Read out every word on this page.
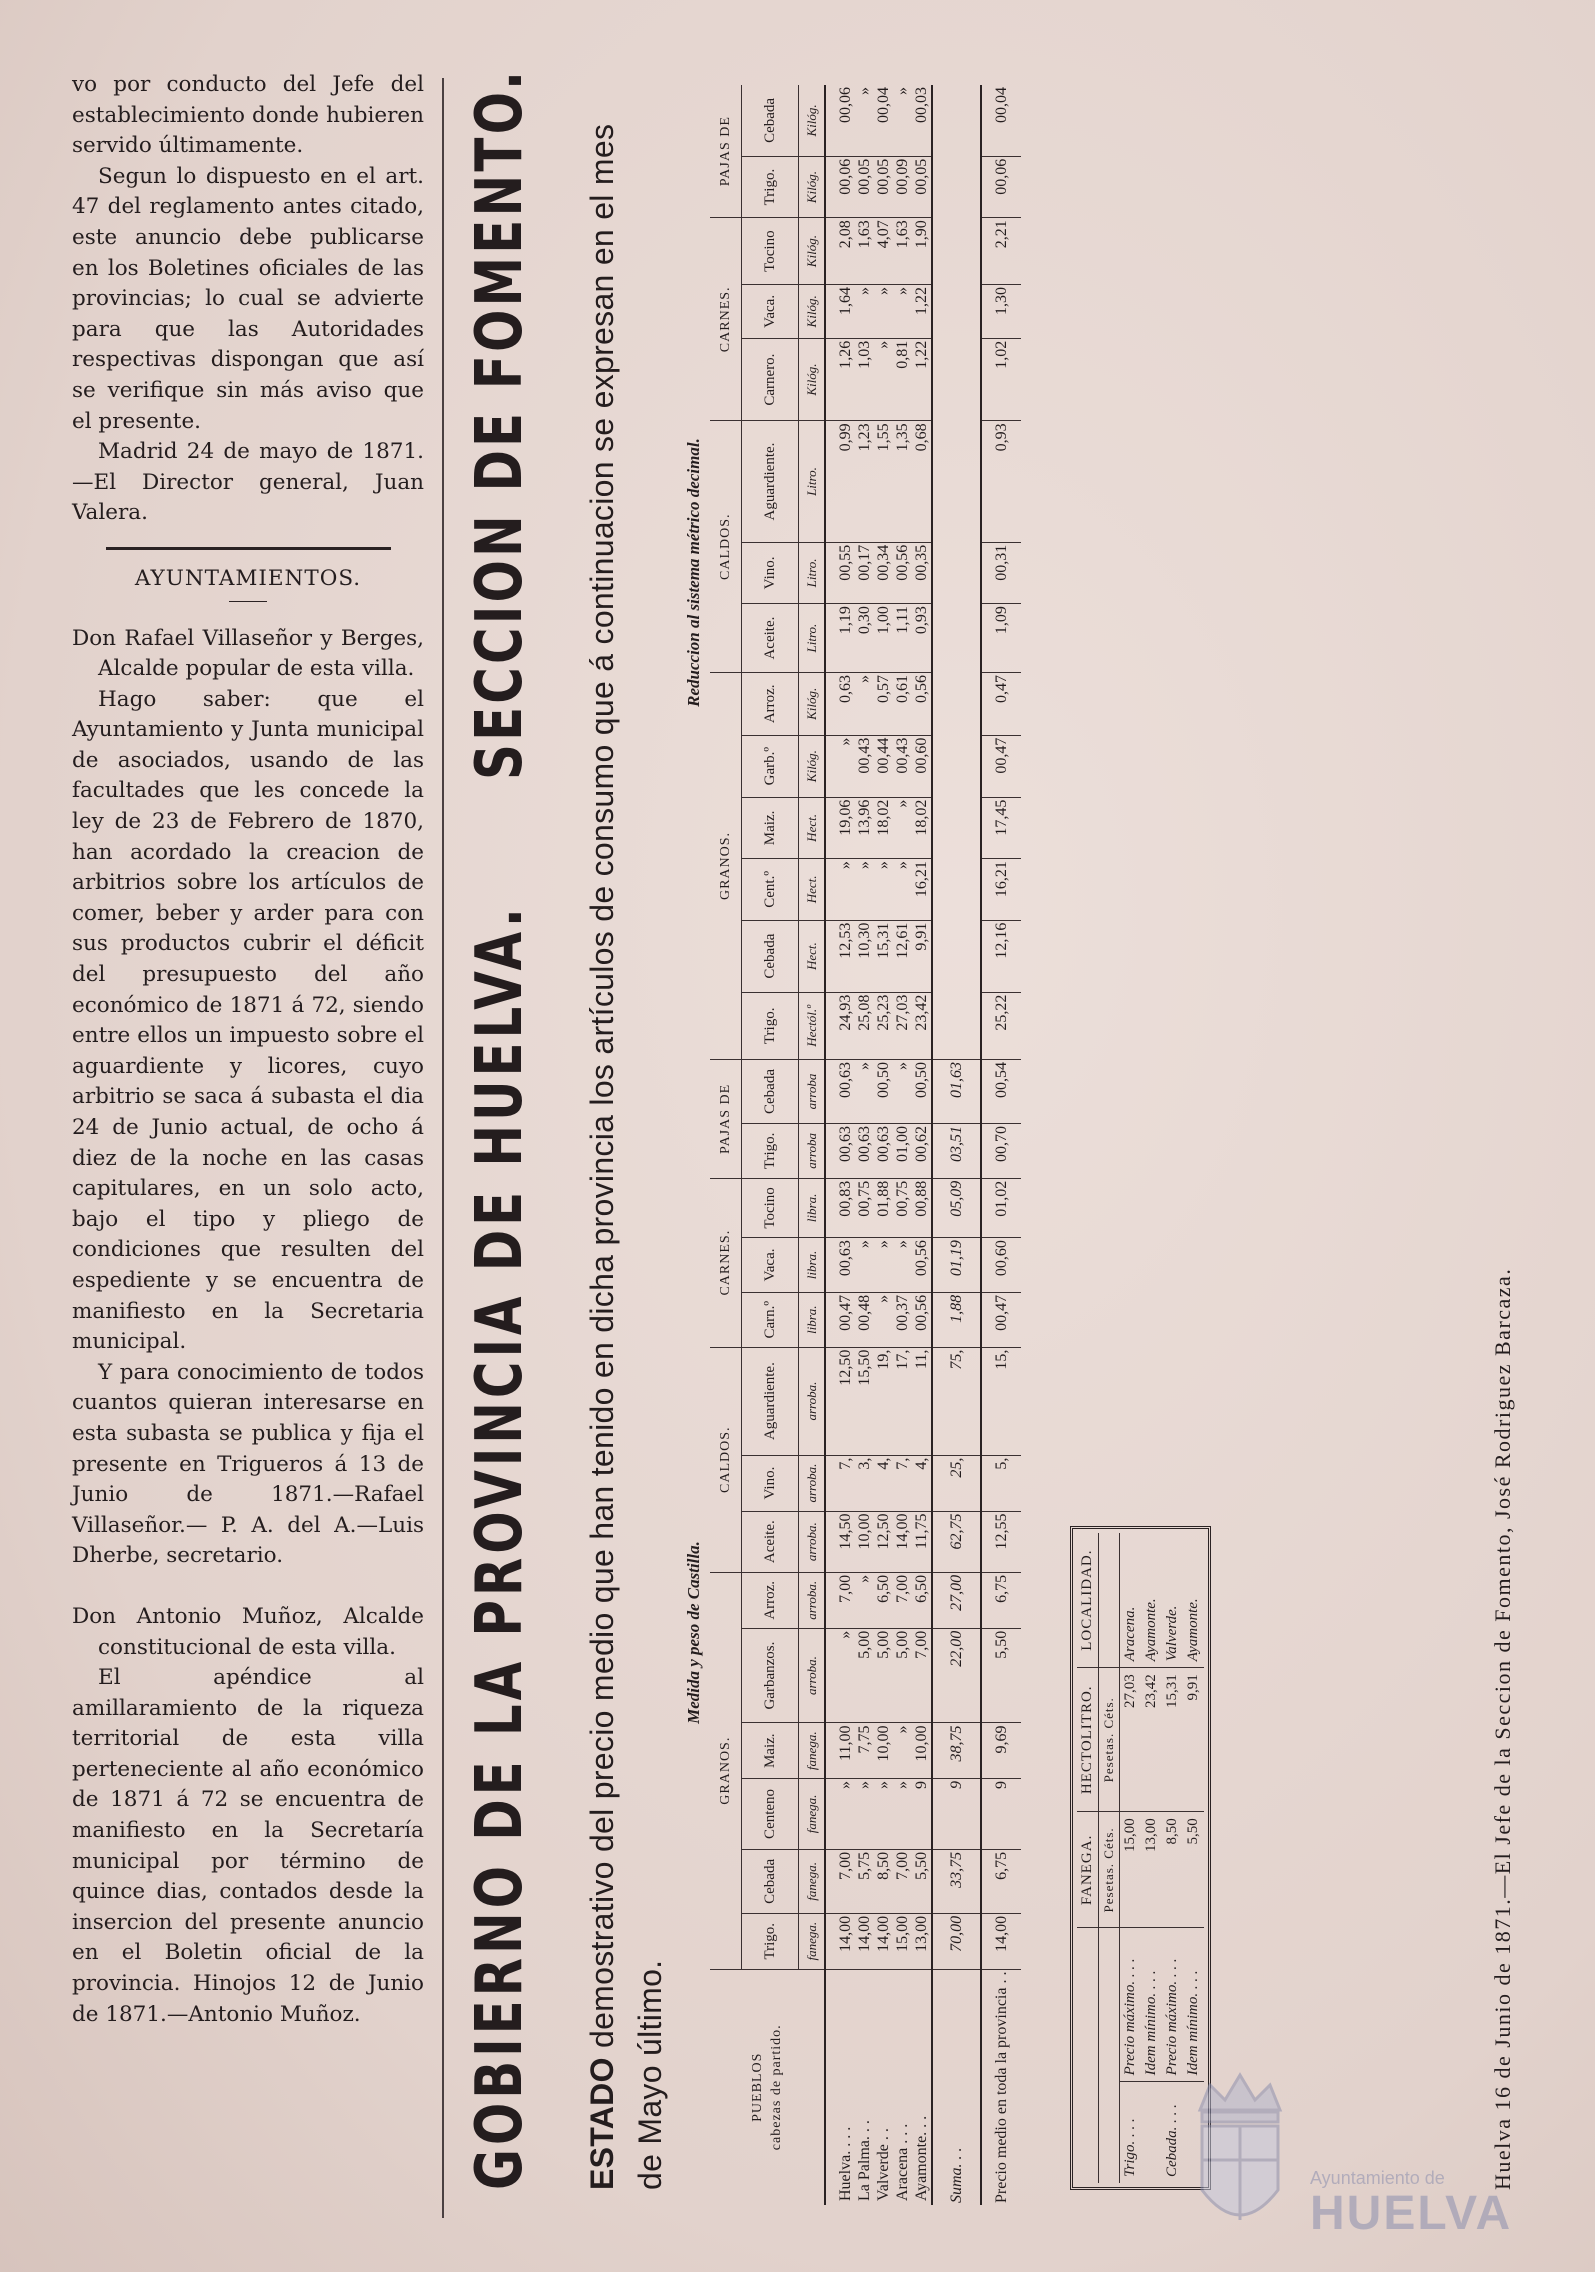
vo por conducto del Jefe del establecimiento donde hubieren servido últimamente.

Segun lo dispuesto en el art. 47 del reglamento antes citado, este anuncio debe publicarse en los Boletines oficiales de las provincias; lo cual se advierte para que las Autoridades respectivas dispongan que así se verifique sin más aviso que el presente.

Madrid 24 de mayo de 1871.—El Director general, Juan Valera.

AYUNTAMIENTOS.

Don Rafael Villaseñor y Berges, Alcalde popular de esta villa.

Hago saber: que el Ayuntamiento y Junta municipal de asociados, usando de las facultades que les concede la ley de 23 de Febrero de 1870, han acordado la creacion de arbitrios sobre los artículos de comer, beber y arder para con sus productos cubrir el déficit del presupuesto del año económico de 1871 á 72, siendo entre ellos un impuesto sobre el aguardiente y licores, cuyo arbitrio se saca á subasta el dia 24 de Junio actual, de ocho á diez de la noche en las casas capitulares, en un solo acto, bajo el tipo y pliego de condiciones que resulten del espediente y se encuentra de manifiesto en la Secretaria municipal.

Y para conocimiento de todos cuantos quieran interesarse en esta subasta se publica y fija el presente en Trigueros á 13 de Junio de 1871.—Rafael Villaseñor.— P. A. del A.—Luis Dherbe, secretario.

Don Antonio Muñoz, Alcalde constitucional de esta villa.

El apéndice al amillaramiento de la riqueza territorial de esta villa perteneciente al año económico de 1871 á 72 se encuentra de manifiesto en la Secretaría municipal por término de quince dias, contados desde la insercion del presente anuncio en el Boletin oficial de la provincia. Hinojos 12 de Junio de 1871.—Antonio Muñoz.	GOBIERNO DE LA PROVINCIA DE HUELVA.
SECCION DE FOMENTO.
ESTADO demostrativo del precio medio que han tenido en dicha provincia los artículos de consumo que á continuacion se expresan en el mes de Mayo último.
Medida y peso de Castilla.
PUEBLOS cabezas de partido.	GRANOS.						CALDOS.			CARNES.			PAJAS DE	
	Trigo.	Cebada	Centeno	Maiz.	Garbanzos.	Arroz.	Aceite.	Vino.	Aguardiente.	Carn.º	Vaca.	Tocino	Trigo.	Cebada
	fanega.	fanega.	fanega.	fanega.	arroba.	arroba.	arroba.	arroba.	arroba.	libra.	libra.	libra.	arroba	arroba
Huelva. . . .	14,00	7,00	»	11,00	»	7,00	14,50	7,	12,50	00,47	00,63	00,83	00,63	00,63
La Palma. . .	14,00	5,75	»	7,75	5,00	»	10,00	3,	15,50	00,48	»	00,75	00,63	»
Valverde . .	14,00	8,50	»	10,00	5,00	6,50	12,50	4,	19,	»	»	01,88	00,63	00,50
Aracena . . .	15,00	7,00	»	»	5,00	7,00	14,00	7,	17,	00,37	»	00,75	01,00	»
Ayamonte. . .	13,00	5,50	9	10,00	7,00	6,50	11,75	4,	11,	00,56	00,56	00,88	00,62	00,50
Suma. . .	70,00	33,75	9	38,75	22,00	27,00	62,75	25,	75,	1,88	01,19	05,09	03,51	01,63
Precio medio en toda la provincia . .	14,00	6,75	9	9,69	5,50	6,75	12,55	5,	15,	00,47	00,60	01,02	00,70	00,54
Reduccion al sistema métrico decimal.
GRANOS.						CALDOS.			CARNES.			PAJAS DE	
Trigo.	Cebada	Cent.º	Maiz.	Garb.º	Arroz.	Aceite.	Vino.	Aguardiente.	Carnero.	Vaca.	Tocino	Trigo.	Cebada
Hectól.º	Hect.	Hect.	Hect.	Kilóg.	Kilóg.	Litro.	Litro.	Litro.	Kilóg.	Kilóg.	Kilóg.	Kilóg.	Kilóg.
24,93	12,53	»	19,06	»	0,63	1,19	00,55	0,99	1,26	1,64	2,08	00,06	00,06
25,08	10,30	»	13,96	00,43	»	0,30	00,17	1,23	1,03	»	1,63	00,05	»
25,23	15,31	»	18,02	00,44	0,57	1,00	00,34	1,55	»	»	4,07	00,05	00,04
27,03	12,61	»	»	00,43	0,61	1,11	00,56	1,35	0,81	»	1,63	00,09	»
23,42	9,91	16,21	18,02	00,60	0,56	0,93	00,35	0,68	1,22	1,22	1,90	00,05	00,03

25,22	12,16	16,21	17,45	00,47	0,47	1,09	00,31	0,93	1,02	1,30	2,21	00,06	00,04
		FANEGA.	HECTOLITRO.	LOCALIDAD.
		Pesetas. Céts.	Pesetas. Céts.	
Trigo. . . .	Precio máximo. . . .	15,00	27,03	Aracena.
	Idem mínimo. . . .	13,00	23,42	Ayamonte.
Cebada. . . .	Precio máximo. . . .	8,50	15,31	Valverde.
	Idem mínimo. . . .	5,50	9,91	Ayamonte.	Huelva 16 de Junio de 1871.—El Jefe de la Seccion de Fomento, José Rodriguez Barcaza.
Ayuntamiento de
HUELVA
